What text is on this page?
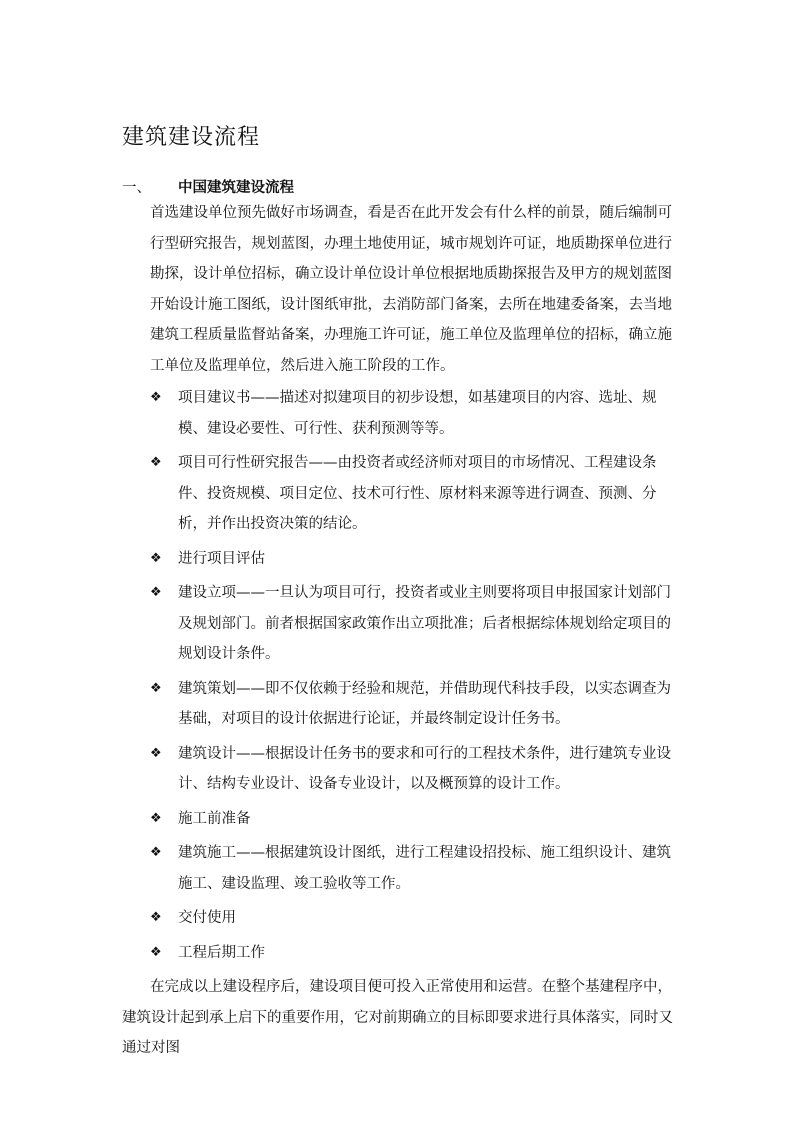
建筑建设流程
一、 中国建筑建设流程

首选建设单位预先做好市场调查，看是否在此开发会有什么样的前景，随后编制可行型研究报告，规划蓝图，办理土地使用证，城市规划许可证，地质勘探单位进行勘探，设计单位招标，确立设计单位设计单位根据地质勘探报告及甲方的规划蓝图开始设计施工图纸，设计图纸审批，去消防部门备案，去所在地建委备案，去当地建筑工程质量监督站备案，办理施工许可证，施工单位及监理单位的招标，确立施工单位及监理单位，然后进入施工阶段的工作。

❖ 项目建议书——描述对拟建项目的初步设想，如基建项目的内容、选址、规模、建设必要性、可行性、获利预测等等。
❖ 项目可行性研究报告——由投资者或经济师对项目的市场情况、工程建设条件、投资规模、项目定位、技术可行性、原材料来源等进行调查、预测、分析，并作出投资决策的结论。
❖ 进行项目评估
❖ 建设立项——一旦认为项目可行，投资者或业主则要将项目申报国家计划部门及规划部门。前者根据国家政策作出立项批准；后者根据综体规划给定项目的规划设计条件。
❖ 建筑策划——即不仅依赖于经验和规范，并借助现代科技手段，以实态调查为基础，对项目的设计依据进行论证，并最终制定设计任务书。
❖ 建筑设计——根据设计任务书的要求和可行的工程技术条件，进行建筑专业设计、结构专业设计、设备专业设计，以及概预算的设计工作。
❖ 施工前准备
❖ 建筑施工——根据建筑设计图纸，进行工程建设招投标、施工组织设计、建筑施工、建设监理、竣工验收等工作。
❖ 交付使用
❖ 工程后期工作

在完成以上建设程序后，建设项目便可投入正常使用和运营。在整个基建程序中，建筑设计起到承上启下的重要作用，它对前期确立的目标即要求进行具体落实，同时又通过对图
